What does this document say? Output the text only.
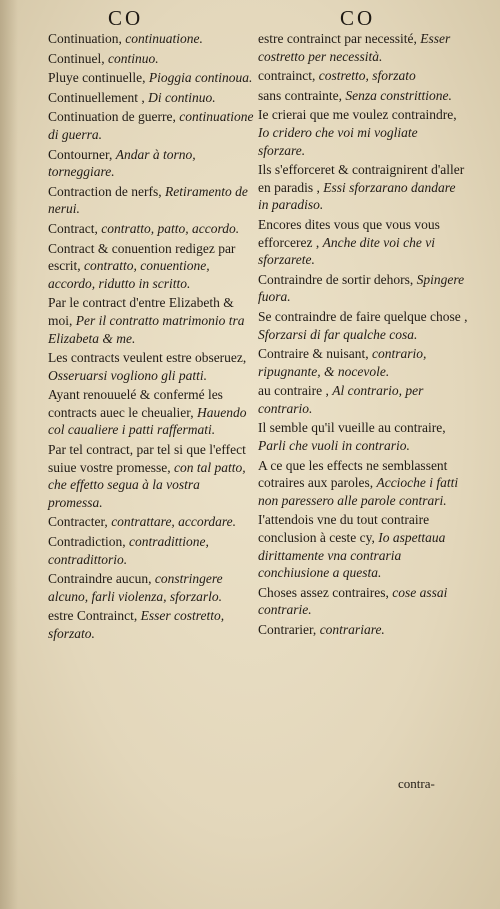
CO	CO

Continuation, continuatione.

Continuel, continuo.

Pluye continuelle, Pioggia continoua.

Continuellement , Di continuo.

Continuation de guerre, continuatione di guerra.

Contourner, Andar à torno, torneggiare.

Contraction de nerfs, Retiramento de nerui.

Contract, contratto, patto, accordo.

Contract & conuention redigez par escrit, contratto, conuentione, accordo, ridutto in scritto.

Par le contract d'entre Elizabeth & moi, Per il contratto matrimonio tra Elizabeta & me.

Les contracts veulent estre obseruez, Osseruarsi vogliono gli patti.

Ayant renouuelé & confermé les contracts auec le cheualier, Hauendo col caualiere i patti raffermati.

Par tel contract, par tel si que l'effect suiue vostre promesse, con tal patto, che effetto segua à la vostra promessa.

Contracter, contrattare, accordare.

Contradiction, contradittione, contradittorio.

Contraindre aucun, constringere alcuno, farli violenza, sforzarlo.

estre Contrainct, Esser costretto, sforzato.

estre contrainct par necessité, Esser costretto per necessità.

contrainct, costretto, sforzato

sans contrainte, Senza constrittione.

Ie crierai que me voulez contraindre, Io cridero che voi mi vogliate sforzare.

Ils s'efforceret & contraignirent d'aller en paradis , Essi sforzarano dandare in paradiso.

Encores dites vous que vous vous efforcerez , Anche dite voi che vi sforzarete.

Contraindre de sortir dehors, Spingere fuora.

Se contraindre de faire quelque chose , Sforzarsi di far qualche cosa.

Contraire & nuisant, contrario, ripugnante, & nocevole.

au contraire , Al contrario, per contrario.

Il semble qu'il vueille au contraire, Parli che vuoli in contrario.

A ce que les effects ne semblassent cotraires aux paroles, Accioche i fatti non paressero alle parole contrari.

I'attendois vne du tout contraire conclusion à ceste cy, Io aspettaua dirittamente vna contraria conchiusione a questa.

Choses assez contraires, cose assai contrarie.

Contrarier, contrariare.

contra-
